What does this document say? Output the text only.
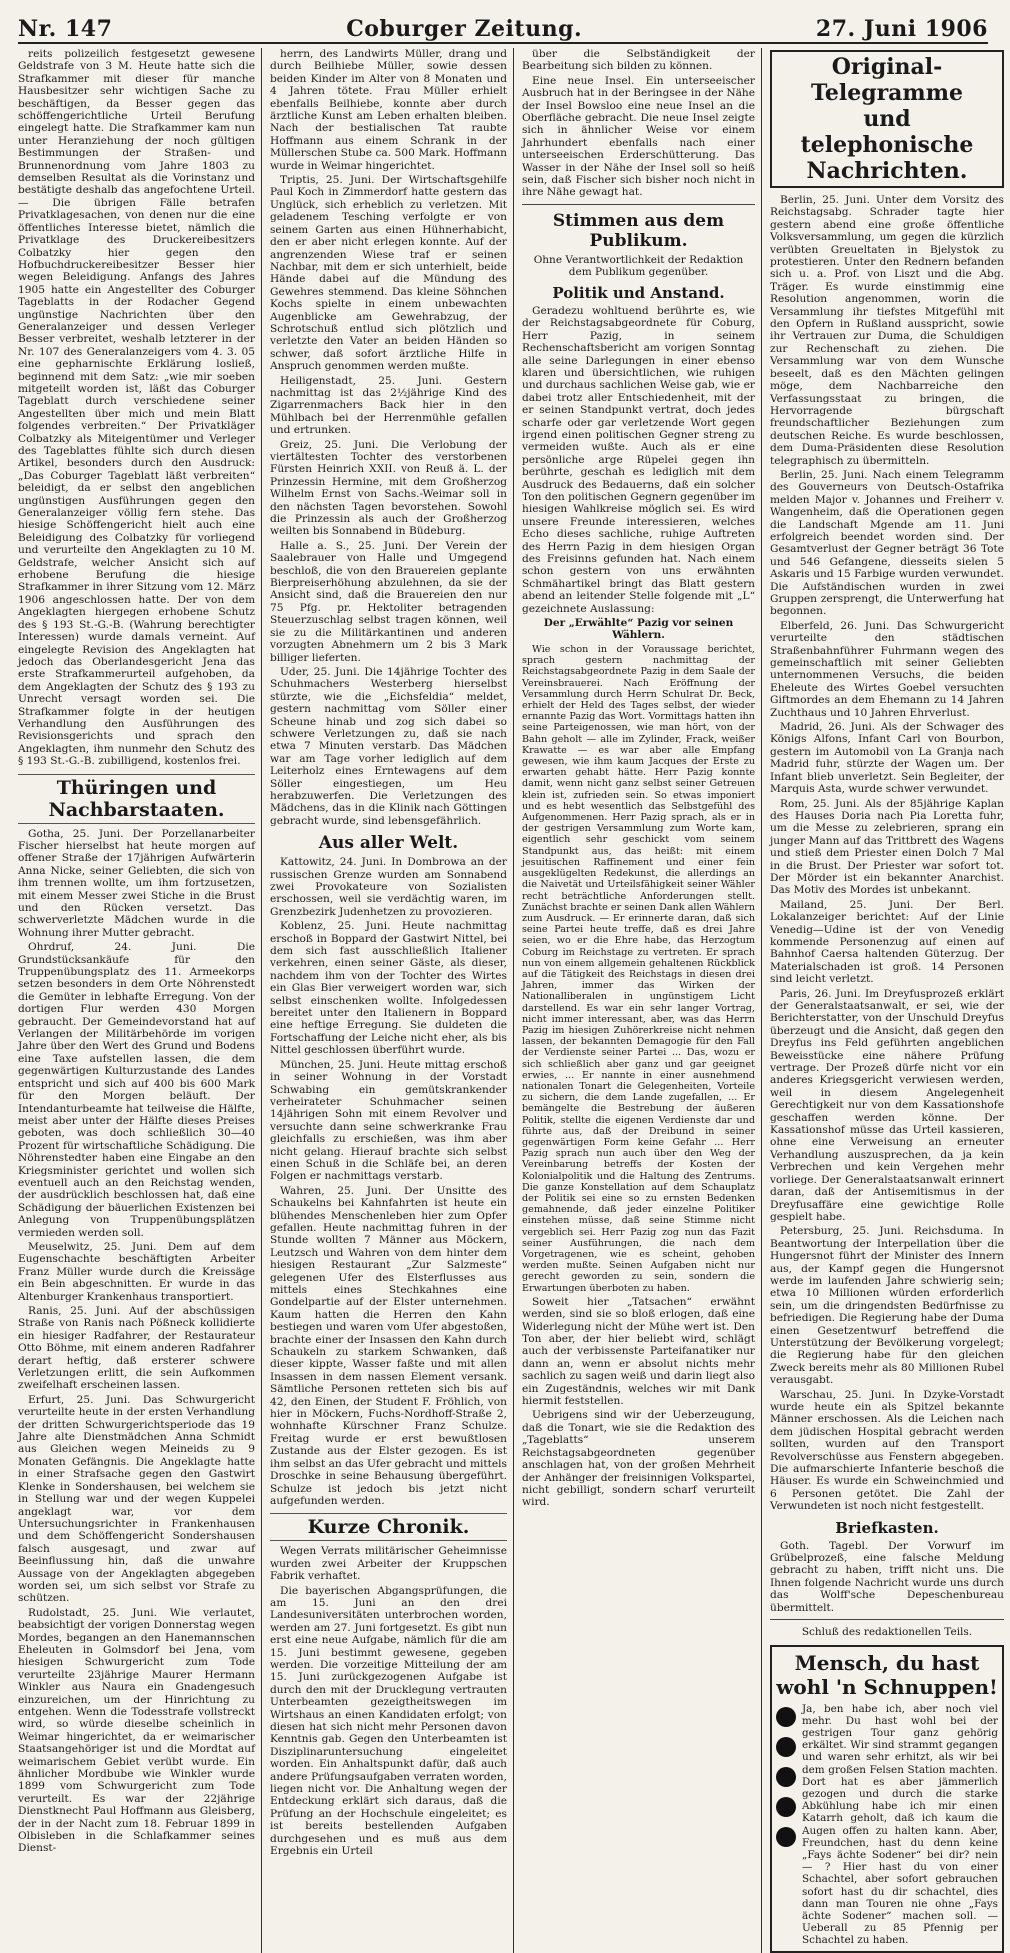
Nr. 147	Coburger Zeitung.	27. Juni 1906

reits polizeilich festgesetzt gewesene Geldstrafe von 3 M. Heute hatte sich die Strafkammer mit dieser für manche Hausbesitzer sehr wichtigen Sache zu beschäftigen, da Besser gegen das schöffengerichtliche Urteil Berufung eingelegt hatte. Die Strafkammer kam nun unter Heranziehung der noch gültigen Bestimmungen der Straßen- und Brunnenordnung vom Jahre 1803 zu demselben Resultat als die Vorinstanz und bestätigte deshalb das angefochtene Urteil. — Die übrigen Fälle betrafen Privatklagesachen, von denen nur die eine öffentliches Interesse bietet, nämlich die Privatklage des Druckereibesitzers Colbatzky hier gegen den Hofbuchdruckereibesitzer Besser hier wegen Beleidigung. Anfangs des Jahres 1905 hatte ein Angestellter des Coburger Tageblatts in der Rodacher Gegend ungünstige Nachrichten über den Generalanzeiger und dessen Verleger Besser verbreitet, weshalb letzterer in der Nr. 107 des Generalanzeigers vom 4. 3. 05 eine gepharnischte Erklärung losließ, beginnend mit dem Satz: „wie mir soeben mitgeteilt worden ist, läßt das Coburger Tageblatt durch verschiedene seiner Angestellten über mich und mein Blatt folgendes verbreiten.“ Der Privatkläger Colbatzky als Miteigentümer und Verleger des Tageblattes fühlte sich durch diesen Artikel, besonders durch den Ausdruck: „Das Coburger Tageblatt läßt verbreiten“ beleidigt, da er selbst den angeblichen ungünstigen Ausführungen gegen den Generalanzeiger völlig fern stehe. Das hiesige Schöffengericht hielt auch eine Beleidigung des Colbatzky für vorliegend und verurteilte den Angeklagten zu 10 M. Geldstrafe, welcher Ansicht sich auf erhobene Berufung die hiesige Strafkammer in ihrer Sitzung vom 12. März 1906 angeschlossen hatte. Der von dem Angeklagten hiergegen erhobene Schutz des § 193 St.-G.-B. (Wahrung berechtigter Interessen) wurde damals verneint. Auf eingelegte Revision des Angeklagten hat jedoch das Oberlandesgericht Jena das erste Strafkammerurteil aufgehoben, da dem Angeklagten der Schutz des § 193 zu Unrecht versagt worden sei. Die Strafkammer folgte in der heutigen Verhandlung den Ausführungen des Revisionsgerichts und sprach den Angeklagten, ihm nunmehr den Schutz des § 193 St.-G.-B. zubilligend, kostenlos frei.

Thüringen und Nachbarstaaten.

Gotha, 25. Juni. Der Porzellanarbeiter Fischer hierselbst hat heute morgen auf offener Straße der 17jährigen Aufwärterin Anna Nicke, seiner Geliebten, die sich von ihm trennen wollte, um ihm fortzusetzen, mit einem Messer zwei Stiche in die Brust und den Rücken versetzt. Das schwerverletzte Mädchen wurde in die Wohnung ihrer Mutter gebracht.

Ohrdruf, 24. Juni. Die Grundstücksankäufe für den Truppenübungsplatz des 11. Armeekorps setzen besonders in dem Orte Nöhrenstedt die Gemüter in lebhafte Erregung. Von der dortigen Flur werden 430 Morgen gebraucht. Der Gemeindevorstand hat auf Verlangen der Militärbehörde im vorigen Jahre über den Wert des Grund und Bodens eine Taxe aufstellen lassen, die dem gegenwärtigen Kulturzustande des Landes entspricht und sich auf 400 bis 600 Mark für den Morgen beläuft. Der Intendanturbeamte hat teilweise die Hälfte, meist aber unter der Hälfte dieses Preises geboten, was doch schließlich 30—40 Prozent für wirtschaftliche Schädigung. Die Nöhrenstedter haben eine Eingabe an den Kriegsminister gerichtet und wollen sich eventuell auch an den Reichstag wenden, der ausdrücklich beschlossen hat, daß eine Schädigung der bäuerlichen Existenzen bei Anlegung von Truppenübungsplätzen vermieden werden soll.

Meuselwitz, 25. Juni. Dem auf dem Eugenschachte beschäftigten Arbeiter Franz Müller wurde durch die Kreissäge ein Bein abgeschnitten. Er wurde in das Altenburger Krankenhaus transportiert.

Ranis, 25. Juni. Auf der abschüssigen Straße von Ranis nach Pößneck kollidierte ein hiesiger Radfahrer, der Restaurateur Otto Böhme, mit einem anderen Radfahrer derart heftig, daß ersterer schwere Verletzungen erlitt, die sein Aufkommen zweifelhaft erscheinen lassen.

Erfurt, 25. Juni. Das Schwurgericht verurteilte heute in der ersten Verhandlung der dritten Schwurgerichtsperiode das 19 Jahre alte Dienstmädchen Anna Schmidt aus Gleichen wegen Meineids zu 9 Monaten Gefängnis. Die Angeklagte hatte in einer Strafsache gegen den Gastwirt Klenke in Sondershausen, bei welchem sie in Stellung war und der wegen Kuppelei angeklagt war, vor dem Untersuchungsrichter in Frankenhausen und dem Schöffengericht Sondershausen falsch ausgesagt, und zwar auf Beeinflussung hin, daß die unwahre Aussage von der Angeklagten abgegeben worden sei, um sich selbst vor Strafe zu schützen.

Rudolstadt, 25. Juni. Wie verlautet, beabsichtigt der vorigen Donnerstag wegen Mordes, begangen an den Hanemannschen Eheleuten in Golmsdorf bei Jena, vom hiesigen Schwurgericht zum Tode verurteilte 23jährige Maurer Hermann Winkler aus Naura ein Gnadengesuch einzureichen, um der Hinrichtung zu entgehen. Wenn die Todesstrafe vollstreckt wird, so würde dieselbe scheinlich in Weimar hingerichtet, da er weimarischer Staatsangehöriger ist und die Mordtat auf weimarischem Gebiet verübt wurde. Ein ähnlicher Mordbube wie Winkler wurde 1899 vom Schwurgericht zum Tode verurteilt. Es war der 22jährige Dienstknecht Paul Hoffmann aus Gleisberg, der in der Nacht zum 18. Februar 1899 in Olbisleben in die Schlafkammer seines Dienst-

herrn, des Landwirts Müller, drang und durch Beilhiebe Müller, sowie dessen beiden Kinder im Alter von 8 Monaten und 4 Jahren tötete. Frau Müller erhielt ebenfalls Beilhiebe, konnte aber durch ärztliche Kunst am Leben erhalten bleiben. Nach der bestialischen Tat raubte Hoffmann aus einem Schrank in der Müllerschen Stube ca. 500 Mark. Hoffmann wurde in Weimar hingerichtet.

Triptis, 25. Juni. Der Wirtschaftsgehilfe Paul Koch in Zimmerdorf hatte gestern das Unglück, sich erheblich zu verletzen. Mit geladenem Tesching verfolgte er von seinem Garten aus einen Hühnerhabicht, den er aber nicht erlegen konnte. Auf der angrenzenden Wiese traf er seinen Nachbar, mit dem er sich unterhielt, beide Hände dabei auf die Mündung des Gewehres stemmend. Das kleine Söhnchen Kochs spielte in einem unbewachten Augenblicke am Gewehrabzug, der Schrotschuß entlud sich plötzlich und verletzte den Vater an beiden Händen so schwer, daß sofort ärztliche Hilfe in Anspruch genommen werden mußte.

Heiligenstadt, 25. Juni. Gestern nachmittag ist das 2½jährige Kind des Zigarrenmachers Back hier in den Mühlbach bei der Herrenmühle gefallen und ertrunken.

Greiz, 25. Juni. Die Verlobung der viertältesten Tochter des verstorbenen Fürsten Heinrich XXII. von Reuß ä. L. der Prinzessin Hermine, mit dem Großherzog Wilhelm Ernst von Sachs.-Weimar soll in den nächsten Tagen bevorstehen. Sowohl die Prinzessin als auch der Großherzog weilten bis Sonnabend in Büdeburg.

Halle a. S., 25. Juni. Der Verein der Saalebrauer von Halle und Umgegend beschloß, die von den Brauereien geplante Bierpreiserhöhung abzulehnen, da sie der Ansicht sind, daß die Brauereien den nur 75 Pfg. pr. Hektoliter betragenden Steuerzuschlag selbst tragen können, weil sie zu die Militärkantinen und anderen vorzugten Abnehmern um 2 bis 3 Mark billiger lieferten.

Uder, 25. Juni. Die 14jährige Tochter des Schuhmachers Westerberg hierselbst stürzte, wie die „Eichsfeldia“ meldet, gestern nachmittag vom Söller einer Scheune hinab und zog sich dabei so schwere Verletzungen zu, daß sie nach etwa 7 Minuten verstarb. Das Mädchen war am Tage vorher lediglich auf dem Leiterholz eines Erntewagens auf dem Söller eingestiegen, um Heu herabzuwerfen. Die Verletzungen des Mädchens, das in die Klinik nach Göttingen gebracht wurde, sind lebensgefährlich.

Aus aller Welt.

Kattowitz, 24. Juni. In Dombrowa an der russischen Grenze wurden am Sonnabend zwei Provokateure von Sozialisten erschossen, weil sie verdächtig waren, im Grenzbezirk Judenhetzen zu provozieren.

Koblenz, 25. Juni. Heute nachmittag erschoß in Boppard der Gastwirt Nittel, bei dem sich fast ausschließlich Italiener verkehren, einen seiner Gäste, als dieser, nachdem ihm von der Tochter des Wirtes ein Glas Bier verweigert worden war, sich selbst einschenken wollte. Infolgedessen bereitet unter den Italienern in Boppard eine heftige Erregung. Sie duldeten die Fortschaffung der Leiche nicht eher, als bis Nittel geschlossen überführt wurde.

München, 25. Juni. Heute mittag erschoß in seiner Wohnung in der Vorstadt Schwabing ein gemütskrankender verheirateter Schuhmacher seinen 14jährigen Sohn mit einem Revolver und versuchte dann seine schwerkranke Frau gleichfalls zu erschießen, was ihm aber nicht gelang. Hierauf brachte sich selbst einen Schuß in die Schläfe bei, an deren Folgen er nachmittags verstarb.

Wahren, 25. Juni. Der Unsitte des Schaukelns bei Kahnfahrten ist heute ein blühendes Menschenleben hier zum Opfer gefallen. Heute nachmittag fuhren in der Stunde wollten 7 Männer aus Möckern, Leutzsch und Wahren von dem hinter dem hiesigen Restaurant „Zur Salzmeste“ gelegenen Ufer des Elsterflusses aus mittels eines Stechkahnes eine Gondelpartie auf der Elster unternehmen. Kaum hatten die Herren den Kahn bestiegen und waren vom Ufer abgestoßen, brachte einer der Insassen den Kahn durch Schaukeln zu starkem Schwanken, daß dieser kippte, Wasser faßte und mit allen Insassen in dem nassen Element versank. Sämtliche Personen retteten sich bis auf 42, den Einen, der Student F. Fröhlich, von hier in Möckern, Fuchs-Nordhoff-Straße 2, wohnhafte Kürschner Franz Schulze. Freitag wurde er erst bewußtlosen Zustande aus der Elster gezogen. Es ist ihm selbst an das Ufer gebracht und mittels Droschke in seine Behausung übergeführt. Schulze ist jedoch bis jetzt nicht aufgefunden werden.

Kurze Chronik.

Wegen Verrats militärischer Geheimnisse wurden zwei Arbeiter der Kruppschen Fabrik verhaftet.

Die bayerischen Abgangsprüfungen, die am 15. Juni an den drei Landesuniversitäten unterbrochen worden, werden am 27. Juni fortgesetzt. Es gibt nun erst eine neue Aufgabe, nämlich für die am 15. Juni bestimmt gewesene, gegeben werden. Die vorzeitige Mitteilung der am 15. Juni zurückgezogenen Aufgabe ist durch den mit der Drucklegung vertrauten Unterbeamten gezeigtheitswegen im Wirtshaus an einen Kandidaten erfolgt; von diesen hat sich nicht mehr Personen davon Kenntnis gab. Gegen den Unterbeamten ist Disziplinaruntersuchung eingeleitet worden. Ein Anhaltspunkt dafür, daß auch andere Prüfungsaufgaben verraten worden, liegen nicht vor. Die Anhaltung wegen der Entdeckung erklärt sich daraus, daß die Prüfung an der Hochschule eingeleitet; es ist bereits bestellenden Aufgaben durchgesehen und es muß aus dem Ergebnis ein Urteil

über die Selbständigkeit der Bearbeitung sich bilden zu können.

Eine neue Insel. Ein unterseeischer Ausbruch hat in der Beringsee in der Nähe der Insel Bowsloo eine neue Insel an die Oberfläche gebracht. Die neue Insel zeigte sich in ähnlicher Weise vor einem Jahrhundert ebenfalls nach einer unterseeischen Erderschütterung. Das Wasser in der Nähe der Insel soll so heiß sein, daß Fischer sich bisher noch nicht in ihre Nähe gewagt hat.

Stimmen aus dem Publikum.
Ohne Verantwortlichkeit der Redaktion dem Publikum gegenüber.
Politik und Anstand.

Geradezu wohltuend berührte es, wie der Reichstagsabgeordnete für Coburg, Herr Pazig, in seinem Rechenschaftsbericht am vorigen Sonntag alle seine Darlegungen in einer ebenso klaren und übersichtlichen, wie ruhigen und durchaus sachlichen Weise gab, wie er dabei trotz aller Entschiedenheit, mit der er seinen Standpunkt vertrat, doch jedes scharfe oder gar verletzende Wort gegen irgend einen politischen Gegner streng zu vermeiden wußte. Auch als er eine persönliche arge Rüpelei gegen ihn berührte, geschah es lediglich mit dem Ausdruck des Bedauerns, daß ein solcher Ton den politischen Gegnern gegenüber im hiesigen Wahlkreise möglich sei. Es wird unsere Freunde interessieren, welches Echo dieses sachliche, ruhige Auftreten des Herrn Pazig in dem hiesigen Organ des Freisinns gefunden hat. Nach einem schon gestern von uns erwähnten Schmähartikel bringt das Blatt gestern abend an leitender Stelle folgende mit „L“ gezeichnete Auslassung:

Der „Erwählte“ Pazig vor seinen Wählern.

Wie schon in der Voraussage berichtet, sprach gestern nachmittag der Reichstagsabgeordnete Pazig in dem Saale der Vereinsbrauerei. Nach Eröffnung der Versammlung durch Herrn Schulrat Dr. Beck, erhielt der Held des Tages selbst, der wieder ernannte Pazig das Wort. Vormittags hatten ihn seine Parteigenossen, wie man hört, von der Bahn geholt — alle im Zylinder, Frack, weißer Krawatte — es war aber alle Empfang gewesen, wie ihm kaum Jacques der Erste zu erwarten gehabt hätte. Herr Pazig konnte damit, wenn nicht ganz selbst seiner Getreuen klein ist, zufrieden sein. So etwas imponiert und es hebt wesentlich das Selbstgefühl des Aufgenommenen. Herr Pazig sprach, als er in der gestrigen Versammlung zum Worte kam, eigentlich sehr geschickt vom seinem Standpunkt aus, das heißt: mit einem jesuitischen Raffinement und einer fein ausgeklügelten Redekunst, die allerdings an die Naivetät und Urteilsfähigkeit seiner Wähler recht beträchtliche Anforderungen stellt. Zunächst brachte er seinen Dank allen Wählern zum Ausdruck. — Er erinnerte daran, daß sich seine Partei heute treffe, daß es drei Jahre seien, wo er die Ehre habe, das Herzogtum Coburg im Reichstage zu vertreten. Er sprach nun von einem allgemein gehaltenen Rückblick auf die Tätigkeit des Reichstags in diesen drei Jahren, immer das Wirken der Nationalliberalen in ungünstigem Licht darstellend. Es war ein sehr langer Vortrag, nicht immer interessant, aber, was das Herrn Pazig im hiesigen Zuhörerkreise nicht nehmen lassen, der bekannten Demagogie für den Fall der Verdienste seiner Partei ... Das, wozu er sich schließlich aber ganz und gar geeignet erwies, ... Er nannte in einer ausnehmend nationalen Tonart die Gelegenheiten, Vorteile zu sichern, die dem Lande zugefallen, ... Er bemängelte die Bestrebung der äußeren Politik, stellte die eigenen Verdienste dar und führte aus, daß der Dreibund in seiner gegenwärtigen Form keine Gefahr ... Herr Pazig sprach nun auch über den Weg der Vereinbarung betreffs der Kosten der Kolonialpolitik und die Haltung des Zentrums. Die ganze Konstellation auf dem Schauplatz der Politik sei eine so zu ernsten Bedenken gemahnende, daß jeder einzelne Politiker einstehen müsse, daß seine Stimme nicht vergeblich sei. Herr Pazig zog nun das Fazit seiner Ausführungen, die nach dem Vorgetragenen, wie es scheint, gehoben werden mußte. Seinen Aufgaben nicht nur gerecht geworden zu sein, sondern die Erwartungen überboten zu haben.

Soweit hier „Tatsachen“ erwähnt werden, sind sie so bloß erlogen, daß eine Widerlegung nicht der Mühe wert ist. Den Ton aber, der hier beliebt wird, schlägt auch der verbissenste Parteifanatiker nur dann an, wenn er absolut nichts mehr sachlich zu sagen weiß und darin liegt also ein Zugeständnis, welches wir mit Dank hiermit feststellen.

Uebrigens sind wir der Ueberzeugung, daß die Tonart, wie sie die Redaktion des „Tageblatts“ unserem Reichstagsabgeordneten gegenüber anschlagen hat, von der großen Mehrheit der Anhänger der freisinnigen Volkspartei, nicht gebilligt, sondern scharf verurteilt wird.

Original-Telegramme
und telephonische Nachrichten.

Berlin, 25. Juni. Unter dem Vorsitz des Reichstagsabg. Schrader tagte hier gestern abend eine große öffentliche Volksversammlung, um gegen die kürzlich verübten Greueltaten in Bjelystok zu protestieren. Unter den Rednern befanden sich u. a. Prof. von Liszt und die Abg. Träger. Es wurde einstimmig eine Resolution angenommen, worin die Versammlung ihr tiefstes Mitgefühl mit den Opfern in Rußland ausspricht, sowie ihr Vertrauen zur Duma, die Schuldigen zur Rechenschaft zu ziehen. Die Versammlung war von dem Wunsche beseelt, daß es den Mächten gelingen möge, dem Nachbarreiche den Verfassungsstaat zu bringen, die Hervorragende bürgschaft freundschaftlicher Beziehungen zum deutschen Reiche. Es wurde beschlossen, dem Duma-Präsidenten diese Resolution telegraphisch zu übermitteln.

Berlin, 25. Juni. Nach einem Telegramm des Gouverneurs von Deutsch-Ostafrika melden Major v. Johannes und Freiherr v. Wangenheim, daß die Operationen gegen die Landschaft Mgende am 11. Juni erfolgreich beendet worden sind. Der Gesamtverlust der Gegner beträgt 36 Tote und 546 Gefangene, diesseits sielen 5 Askaris und 15 Farbige wurden verwundet. Die Aufständischen wurden in zwei Gruppen zersprengt, die Unterwerfung hat begonnen.

Elberfeld, 26. Juni. Das Schwurgericht verurteilte den städtischen Straßenbahnführer Fuhrmann wegen des gemeinschaftlich mit seiner Geliebten unternommenen Versuchs, die beiden Eheleute des Wirtes Goebel versuchten Giftmordes an dem Ehemann zu 14 Jahren Zuchthaus und 10 Jahren Ehrverlust.

Madrid, 26. Juni. Als der Schwager des Königs Alfons, Infant Carl von Bourbon, gestern im Automobil von La Granja nach Madrid fuhr, stürzte der Wagen um. Der Infant blieb unverletzt. Sein Begleiter, der Marquis Asta, wurde schwer verwundet.

Rom, 25. Juni. Als der 85jährige Kaplan des Hauses Doria nach Pia Loretta fuhr, um die Messe zu zelebrieren, sprang ein junger Mann auf das Trittbrett des Wagens und stieß dem Priester einen Dolch 7 Mal in die Brust. Der Priester war sofort tot. Der Mörder ist ein bekannter Anarchist. Das Motiv des Mordes ist unbekannt.

Mailand, 25. Juni. Der Berl. Lokalanzeiger berichtet: Auf der Linie Venedig—Udine ist der von Venedig kommende Personenzug auf einen auf Bahnhof Caersa haltenden Güterzug. Der Materialschaden ist groß. 14 Personen sind leicht verletzt.

Paris, 26. Juni. Im Dreyfusprozeß erklärt der Generalstaatsanwalt, er sei, wie der Berichterstatter, von der Unschuld Dreyfus überzeugt und die Ansicht, daß gegen den Dreyfus ins Feld geführten angeblichen Beweisstücke eine nähere Prüfung vertrage. Der Prozeß dürfe nicht vor ein anderes Kriegsgericht verwiesen werden, weil in diesem Angelegenheit Gerechtigkeit nur von dem Kassationshofe geschaffen werden könne. Der Kassationshof müsse das Urteil kassieren, ohne eine Verweisung an erneuter Verhandlung auszusprechen, da ja kein Verbrechen und kein Vergehen mehr vorliege. Der Generalstaatsanwalt erinnert daran, daß der Antisemitismus in der Dreyfusaffäre eine gewichtige Rolle gespielt habe.

Petersburg, 25. Juni. Reichsduma. In Beantwortung der Interpellation über die Hungersnot führt der Minister des Innern aus, der Kampf gegen die Hungersnot werde im laufenden Jahre schwierig sein; etwa 10 Millionen würden erforderlich sein, um die dringendsten Bedürfnisse zu befriedigen. Die Regierung habe der Duma einen Gesetzentwurf betreffend die Unterstützung der Bevölkerung vorgelegt; die Regierung habe für den gleichen Zweck bereits mehr als 80 Millionen Rubel verausgabt.

Warschau, 25. Juni. In Dzyke-Vorstadt wurde heute ein als Spitzel bekannte Männer erschossen. Als die Leichen nach dem jüdischen Hospital gebracht werden sollten, wurden auf den Transport Revolverschüsse aus Fenstern abgegeben. Die aufmarschierte Infanterie beschoß die Häuser. Es wurde ein Schweinchmied und 6 Personen getötet. Die Zahl der Verwundeten ist noch nicht festgestellt.

Briefkasten.

Goth. Tagebl. Der Vorwurf im Grübelprozeß, eine falsche Meldung gebracht zu haben, trifft nicht uns. Die Ihnen folgende Nachricht wurde uns durch das Wolff'sche Depeschenbureau übermittelt.

Schluß des redaktionellen Teils.
Mensch, du hast wohl 'n Schnuppen!
Ja, ben habe ich, aber noch viel mehr. Du hast wohl bei der gestrigen Tour ganz gehörig erkältet. Wir sind strammt gegangen und waren sehr erhitzt, als wir bei dem großen Felsen Station machten. Dort hat es aber jämmerlich gezogen und durch die starke Abkühlung habe ich mir einen Katarrh geholt, daß ich kaum die Augen offen zu halten kann. Aber, Freundchen, hast du denn keine „Fays ächte Sodener“ bei dir? nein — ? Hier hast du von einer Schachtel, aber sofort gebrauchen sofort hast du dir schachtel, dies dann man Touren nie ohne „Fays ächte Sodener“ machen soll. — Ueberall zu 85 Pfennig per Schachtel zu haben.
